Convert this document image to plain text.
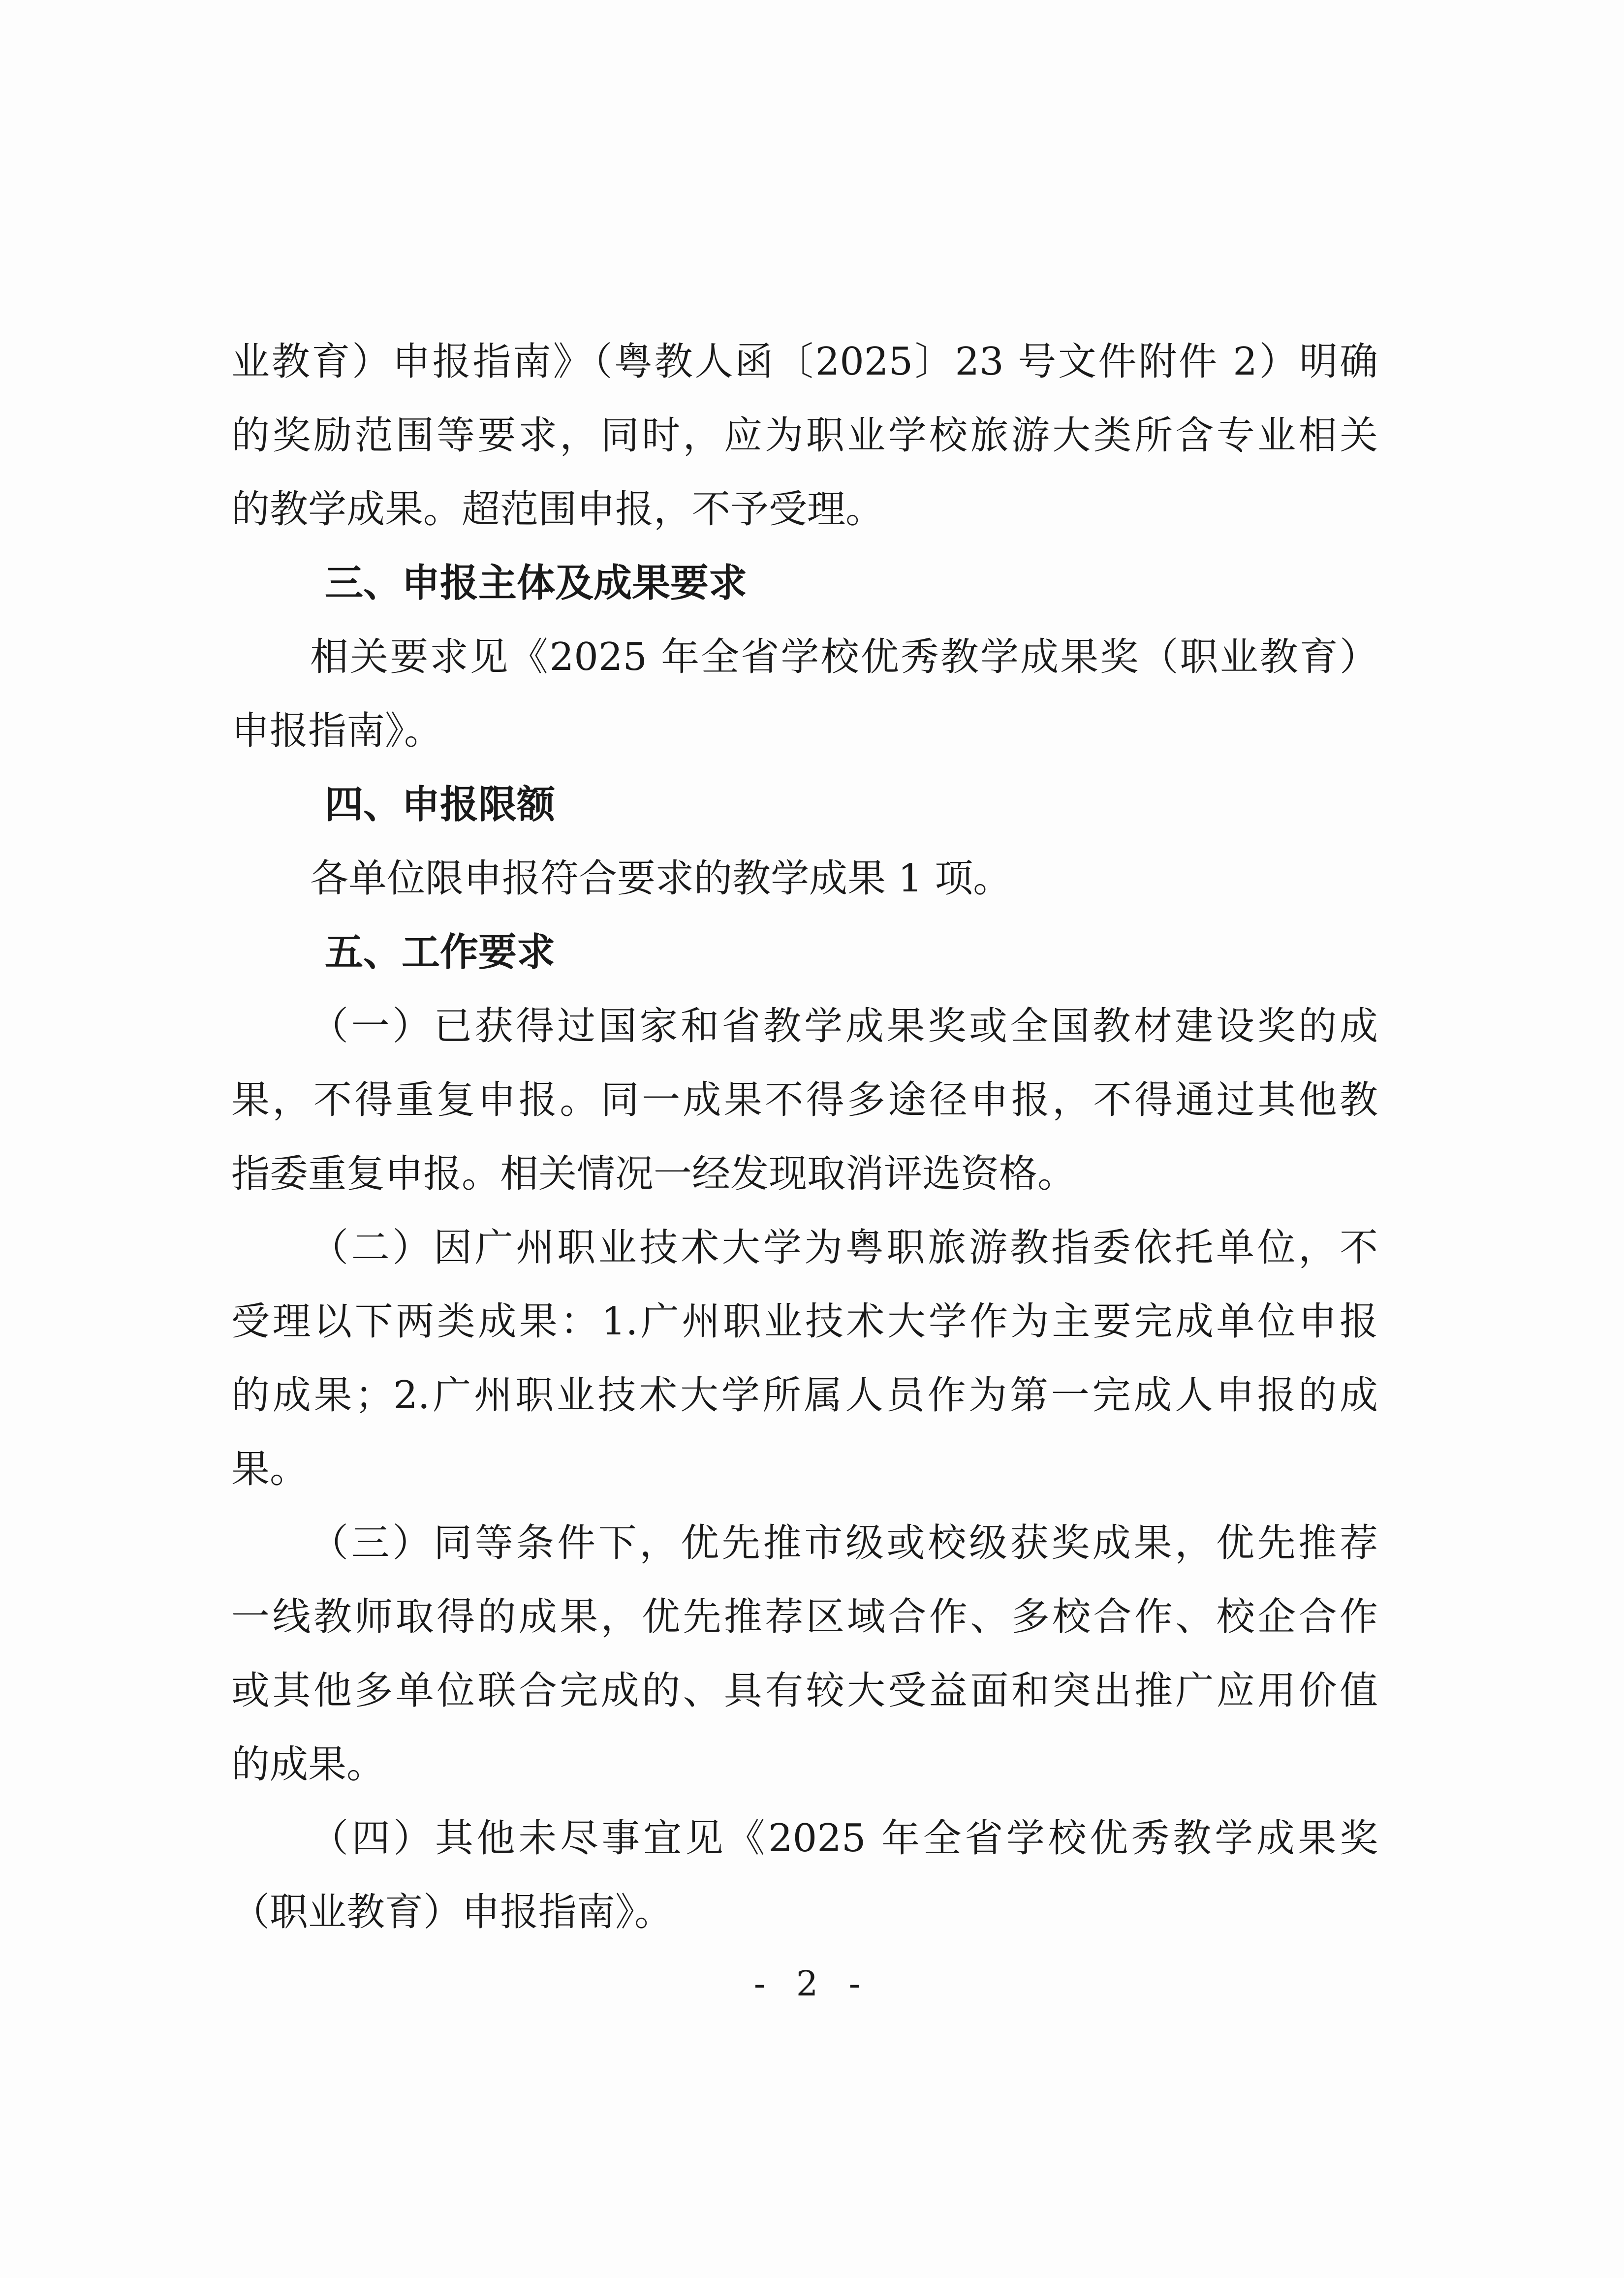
业教育）申报指南》（粤教人函〔2025〕23 号文件附件 2）明确

的奖励范围等要求，同时，应为职业学校旅游大类所含专业相关

的教学成果。超范围申报，不予受理。

三、申报主体及成果要求

相关要求见《2025 年全省学校优秀教学成果奖（职业教育）

申报指南》。

四、申报限额

各单位限申报符合要求的教学成果 1 项。

五、工作要求

（一）已获得过国家和省教学成果奖或全国教材建设奖的成

果，不得重复申报。同一成果不得多途径申报，不得通过其他教

指委重复申报。相关情况一经发现取消评选资格。

（二）因广州职业技术大学为粤职旅游教指委依托单位，不

受理以下两类成果：1.广州职业技术大学作为主要完成单位申报

的成果；2.广州职业技术大学所属人员作为第一完成人申报的成

果。

（三）同等条件下，优先推市级或校级获奖成果，优先推荐

一线教师取得的成果，优先推荐区域合作、多校合作、校企合作

或其他多单位联合完成的、具有较大受益面和突出推广应用价值

的成果。

（四）其他未尽事宜见《2025 年全省学校优秀教学成果奖

（职业教育）申报指南》。

- 2 -
